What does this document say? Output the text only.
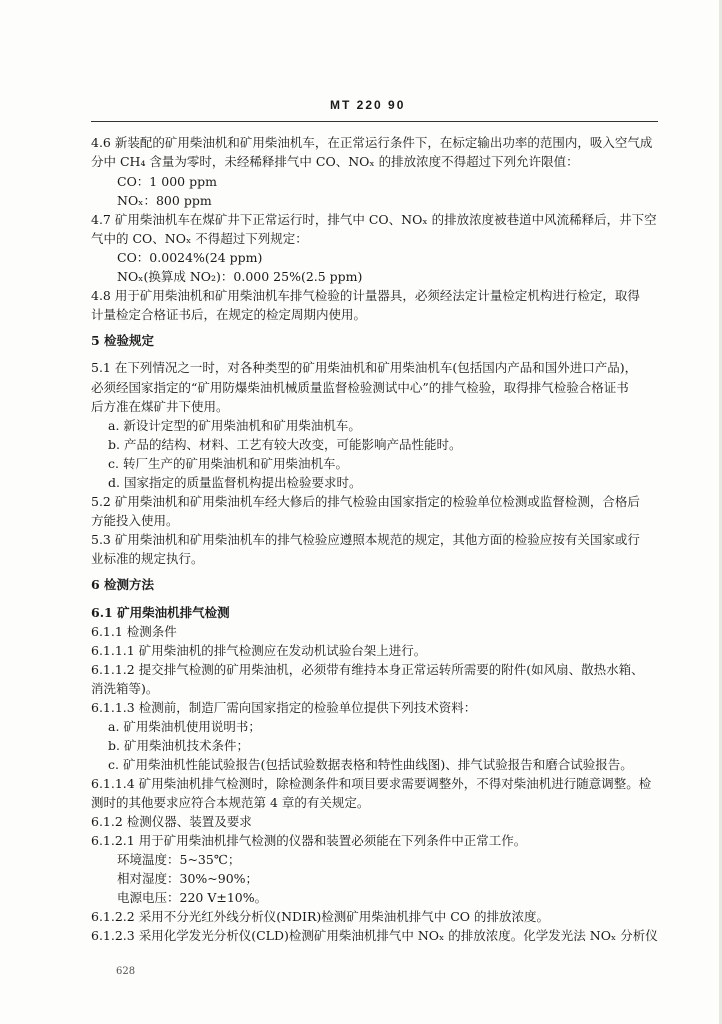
MT 220 90
4.6 新装配的矿用柴油机和矿用柴油机车，在正常运行条件下，在标定输出功率的范围内，吸入空气成
分中 CH₄ 含量为零时，未经稀释排气中 CO、NOₓ 的排放浓度不得超过下列允许限值：
CO：1 000 ppm
NOₓ：800 ppm
4.7 矿用柴油机车在煤矿井下正常运行时，排气中 CO、NOₓ 的排放浓度被巷道中风流稀释后，井下空
气中的 CO、NOₓ 不得超过下列规定：
CO：0.0024%(24 ppm)
NOₓ(换算成 NO₂)：0.000 25%(2.5 ppm)
4.8 用于矿用柴油机和矿用柴油机车排气检验的计量器具，必须经法定计量检定机构进行检定，取得
计量检定合格证书后，在规定的检定周期内使用。
5 检验规定
5.1 在下列情况之一时，对各种类型的矿用柴油机和矿用柴油机车(包括国内产品和国外进口产品)，
必须经国家指定的“矿用防爆柴油机械质量监督检验测试中心”的排气检验，取得排气检验合格证书
后方准在煤矿井下使用。
a. 新设计定型的矿用柴油机和矿用柴油机车。
b. 产品的结构、材料、工艺有较大改变，可能影响产品性能时。
c. 转厂生产的矿用柴油机和矿用柴油机车。
d. 国家指定的质量监督机构提出检验要求时。
5.2 矿用柴油机和矿用柴油机车经大修后的排气检验由国家指定的检验单位检测或监督检测，合格后
方能投入使用。
5.3 矿用柴油机和矿用柴油机车的排气检验应遵照本规范的规定，其他方面的检验应按有关国家或行
业标准的规定执行。
6 检测方法
6.1 矿用柴油机排气检测
6.1.1 检测条件
6.1.1.1 矿用柴油机的排气检测应在发动机试验台架上进行。
6.1.1.2 提交排气检测的矿用柴油机，必须带有维持本身正常运转所需要的附件(如风扇、散热水箱、
消洗箱等)。
6.1.1.3 检测前，制造厂需向国家指定的检验单位提供下列技术资料：
a. 矿用柴油机使用说明书；
b. 矿用柴油机技术条件；
c. 矿用柴油机性能试验报告(包括试验数据表格和特性曲线图)、排气试验报告和磨合试验报告。
6.1.1.4 矿用柴油机排气检测时，除检测条件和项目要求需要调整外，不得对柴油机进行随意调整。检
测时的其他要求应符合本规范第 4 章的有关规定。
6.1.2 检测仪器、装置及要求
6.1.2.1 用于矿用柴油机排气检测的仪器和装置必须能在下列条件中正常工作。
环境温度：5~35℃；
相对湿度：30%~90%；
电源电压：220 V±10%。
6.1.2.2 采用不分光红外线分析仪(NDIR)检测矿用柴油机排气中 CO 的排放浓度。
6.1.2.3 采用化学发光分析仪(CLD)检测矿用柴油机排气中 NOₓ 的排放浓度。化学发光法 NOₓ 分析仪
628
